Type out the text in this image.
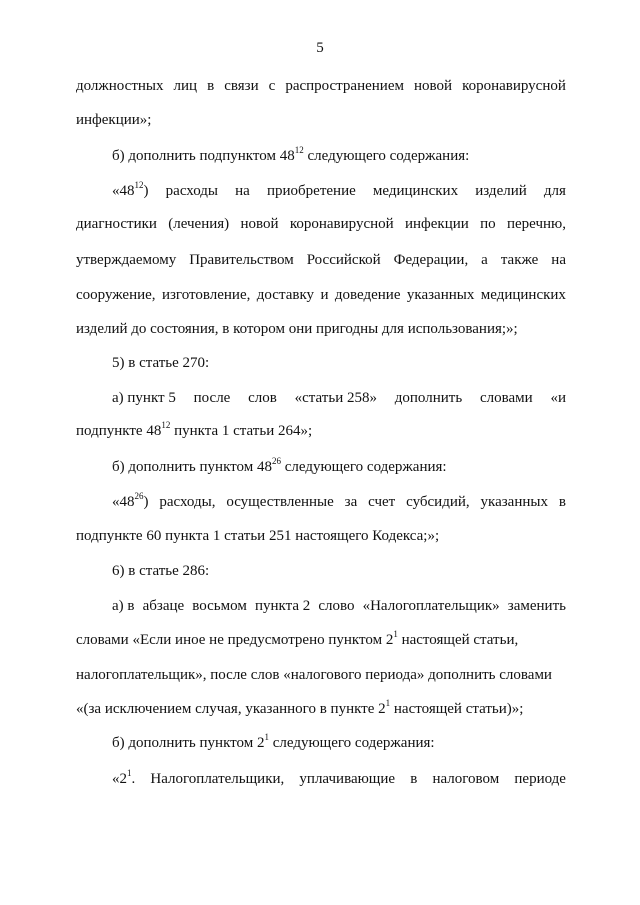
5
должностных лиц в связи с распространением новой коронавирусной
инфекции»;
б) дополнить подпунктом $48^{12}$ следующего содержания:
«$48^{12}$) расходы на приобретение медицинских изделий для
диагностики (лечения) новой коронавирусной инфекции по перечню,
утверждаемому Правительством Российской Федерации, а также на
сооружение, изготовление, доставку и доведение указанных медицинских
изделий до состояния, в котором они пригодны для использования;»;
5) в статье 270:
а) пункт 5 после слов «статьи 258» дополнить словами «и
подпункте $48^{12}$ пункта 1 статьи 264»;
б) дополнить пунктом $48^{26}$ следующего содержания:
«$48^{26}$) расходы, осуществленные за счет субсидий, указанных в
подпункте 60 пункта 1 статьи 251 настоящего Кодекса;»;
6) в статье 286:
а) в абзаце восьмом пункта 2 слово «Налогоплательщик» заменить
словами «Если иное не предусмотрено пунктом $2^1$ настоящей статьи,
налогоплательщик», после слов «налогового периода» дополнить словами
«(за исключением случая, указанного в пункте $2^1$ настоящей статьи)»;
б) дополнить пунктом $2^1$ следующего содержания:
«$2^1$. Налогоплательщики, уплачивающие в налоговом периоде
